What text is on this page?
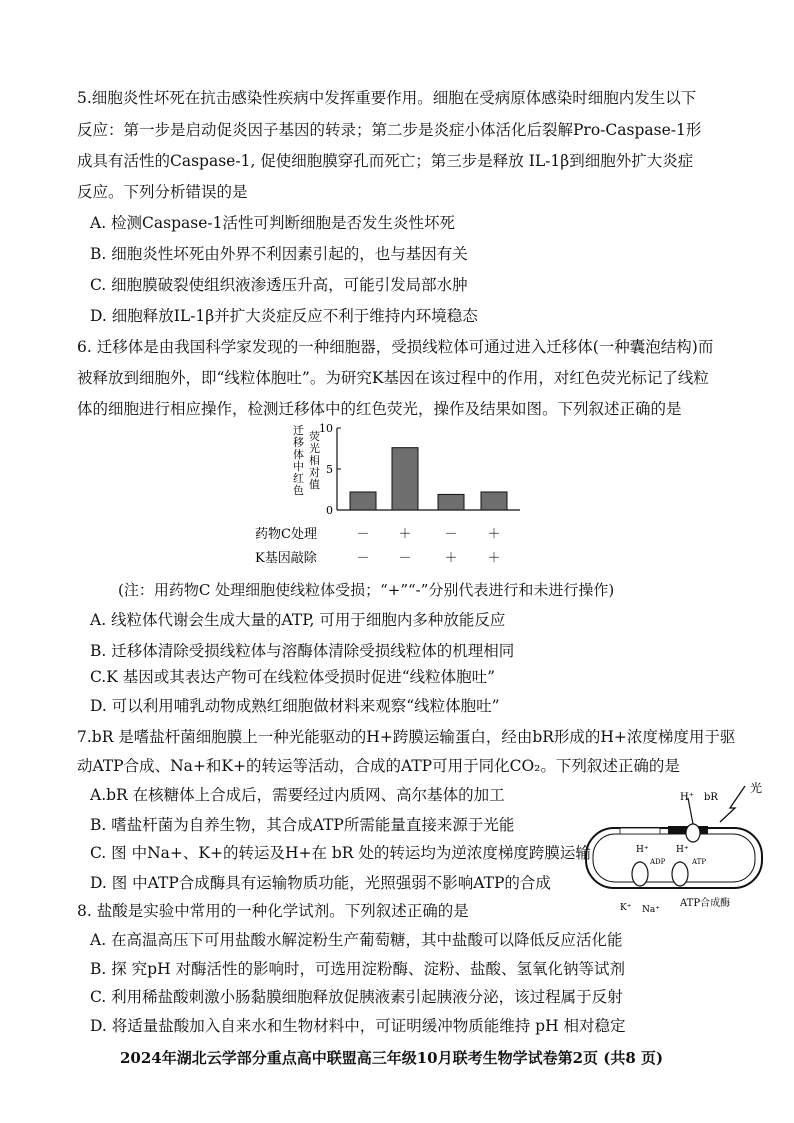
5.细胞炎性坏死在抗击感染性疾病中发挥重要作用。细胞在受病原体感染时细胞内发生以下
反应：第一步是启动促炎因子基因的转录；第二步是炎症小体活化后裂解Pro-Caspase-1形
成具有活性的Caspase-1, 促使细胞膜穿孔而死亡；第三步是释放 IL-1β到细胞外扩大炎症
反应。下列分析错误的是
A. 检测Caspase-1活性可判断细胞是否发生炎性坏死
B. 细胞炎性坏死由外界不利因素引起的，也与基因有关
C. 细胞膜破裂使组织液渗透压升高，可能引发局部水肿
D. 细胞释放IL-1β并扩大炎症反应不利于维持内环境稳态
6. 迁移体是由我国科学家发现的一种细胞器，受损线粒体可通过进入迁移体(一种囊泡结构)而
被释放到细胞外，即“线粒体胞吐”。为研究K基因在该过程中的作用，对红色荧光标记了线粒
体的细胞进行相应操作，检测迁移体中的红色荧光，操作及结果如图。下列叙述正确的是
迁
移
体
中
红
色
荧
光
相
对
值
0
5
10
药物C处理	－ ＋	－ ＋
K基因敲除	－ －	＋ ＋
(注：用药物C 处理细胞使线粒体受损；“+”“-”分别代表进行和未进行操作)
A. 线粒体代谢会生成大量的ATP, 可用于细胞内多种放能反应
B. 迁移体清除受损线粒体与溶酶体清除受损线粒体的机理相同
C.K 基因或其表达产物可在线粒体受损时促进“线粒体胞吐”
D. 可以利用哺乳动物成熟红细胞做材料来观察“线粒体胞吐”
7.bR 是嗜盐杆菌细胞膜上一种光能驱动的H+跨膜运输蛋白，经由bR形成的H+浓度梯度用于驱
动ATP合成、Na+和K+的转运等活动，合成的ATP可用于同化CO₂。下列叙述正确的是
A.bR 在核糖体上合成后，需要经过内质网、高尔基体的加工
B. 嗜盐杆菌为自养生物，其合成ATP所需能量直接来源于光能
C. 图 中Na+、K+的转运及H+在 bR 处的转运均为逆浓度梯度跨膜运输
D. 图 中ATP合成酶具有运输物质功能，光照强弱不影响ATP的合成
光
bR
H⁺
H⁺	H⁺
ADP	ATP
K⁺ Na⁺
ATP合成酶
8. 盐酸是实验中常用的一种化学试剂。下列叙述正确的是
A. 在高温高压下可用盐酸水解淀粉生产葡萄糖，其中盐酸可以降低反应活化能
B. 探 究pH 对酶活性的影响时，可选用淀粉酶、淀粉、盐酸、氢氧化钠等试剂
C. 利用稀盐酸刺激小肠黏膜细胞释放促胰液素引起胰液分泌，该过程属于反射
D. 将适量盐酸加入自来水和生物材料中，可证明缓冲物质能维持 pH 相对稳定
2024年湖北云学部分重点高中联盟高三年级10月联考生物学试卷第2页 (共8 页)
